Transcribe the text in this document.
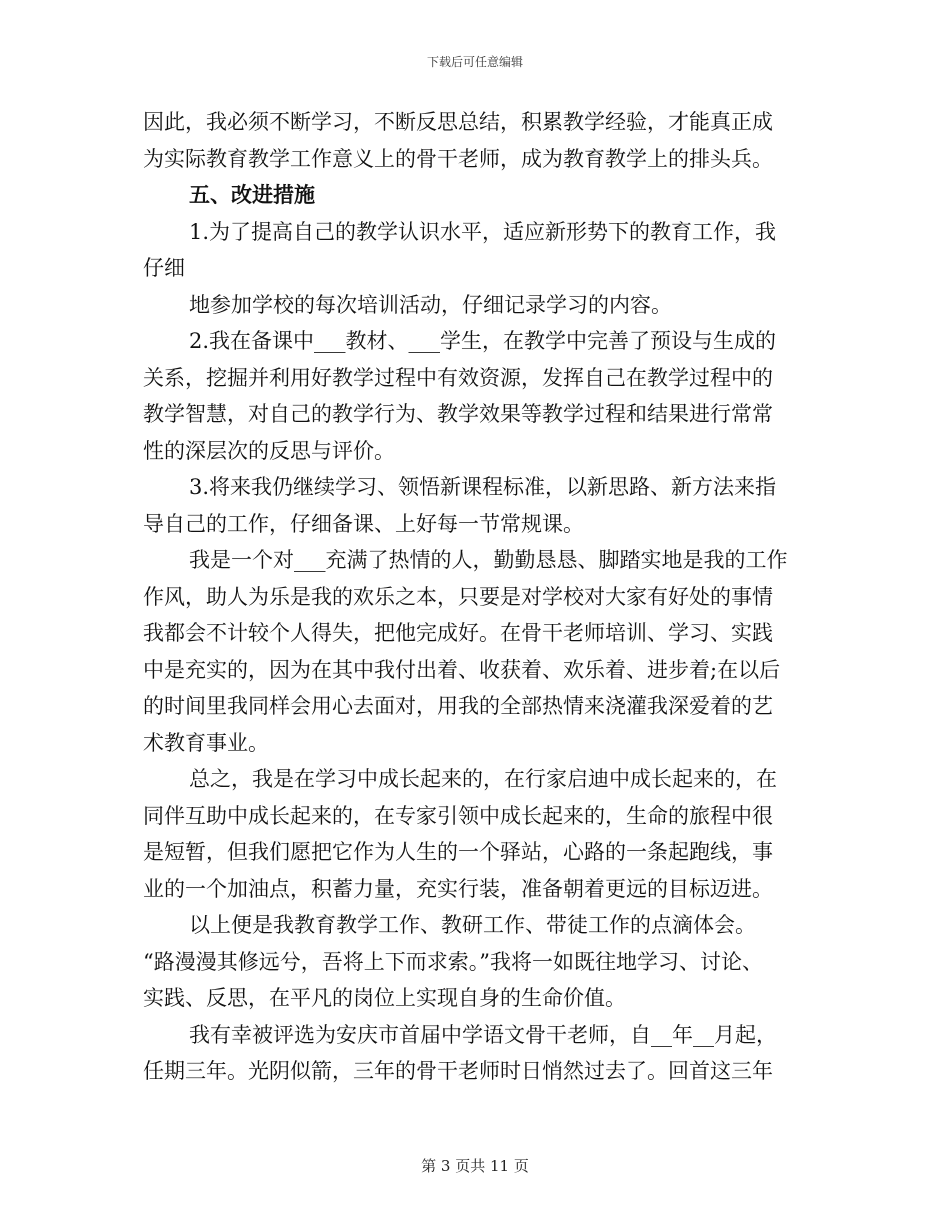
下载后可任意编辑

因此，我必须不断学习，不断反思总结，积累教学经验，才能真正成

为实际教育教学工作意义上的骨干老师，成为教育教学上的排头兵。

五、改进措施

1.为了提高自己的教学认识水平，适应新形势下的教育工作，我

仔细

地参加学校的每次培训活动，仔细记录学习的内容。

2.我在备课中___教材、___学生，在教学中完善了预设与生成的

关系，挖掘并利用好教学过程中有效资源，发挥自己在教学过程中的

教学智慧，对自己的教学行为、教学效果等教学过程和结果进行常常

性的深层次的反思与评价。

3.将来我仍继续学习、领悟新课程标准，以新思路、新方法来指

导自己的工作，仔细备课、上好每一节常规课。

我是一个对___充满了热情的人，勤勤恳恳、脚踏实地是我的工作

作风，助人为乐是我的欢乐之本，只要是对学校对大家有好处的事情

我都会不计较个人得失，把他完成好。在骨干老师培训、学习、实践

中是充实的，因为在其中我付出着、收获着、欢乐着、进步着;在以后

的时间里我同样会用心去面对，用我的全部热情来浇灌我深爱着的艺

术教育事业。

总之，我是在学习中成长起来的，在行家启迪中成长起来的，在

同伴互助中成长起来的，在专家引领中成长起来的，生命的旅程中很

是短暂，但我们愿把它作为人生的一个驿站，心路的一条起跑线，事

业的一个加油点，积蓄力量，充实行装，准备朝着更远的目标迈进。

以上便是我教育教学工作、教研工作、带徒工作的点滴体会。

“路漫漫其修远兮，吾将上下而求索。”我将一如既往地学习、讨论、

实践、反思，在平凡的岗位上实现自身的生命价值。

我有幸被评选为安庆市首届中学语文骨干老师，自__年__月起，

任期三年。光阴似箭，三年的骨干老师时日悄然过去了。回首这三年

第 3 页共 11 页
